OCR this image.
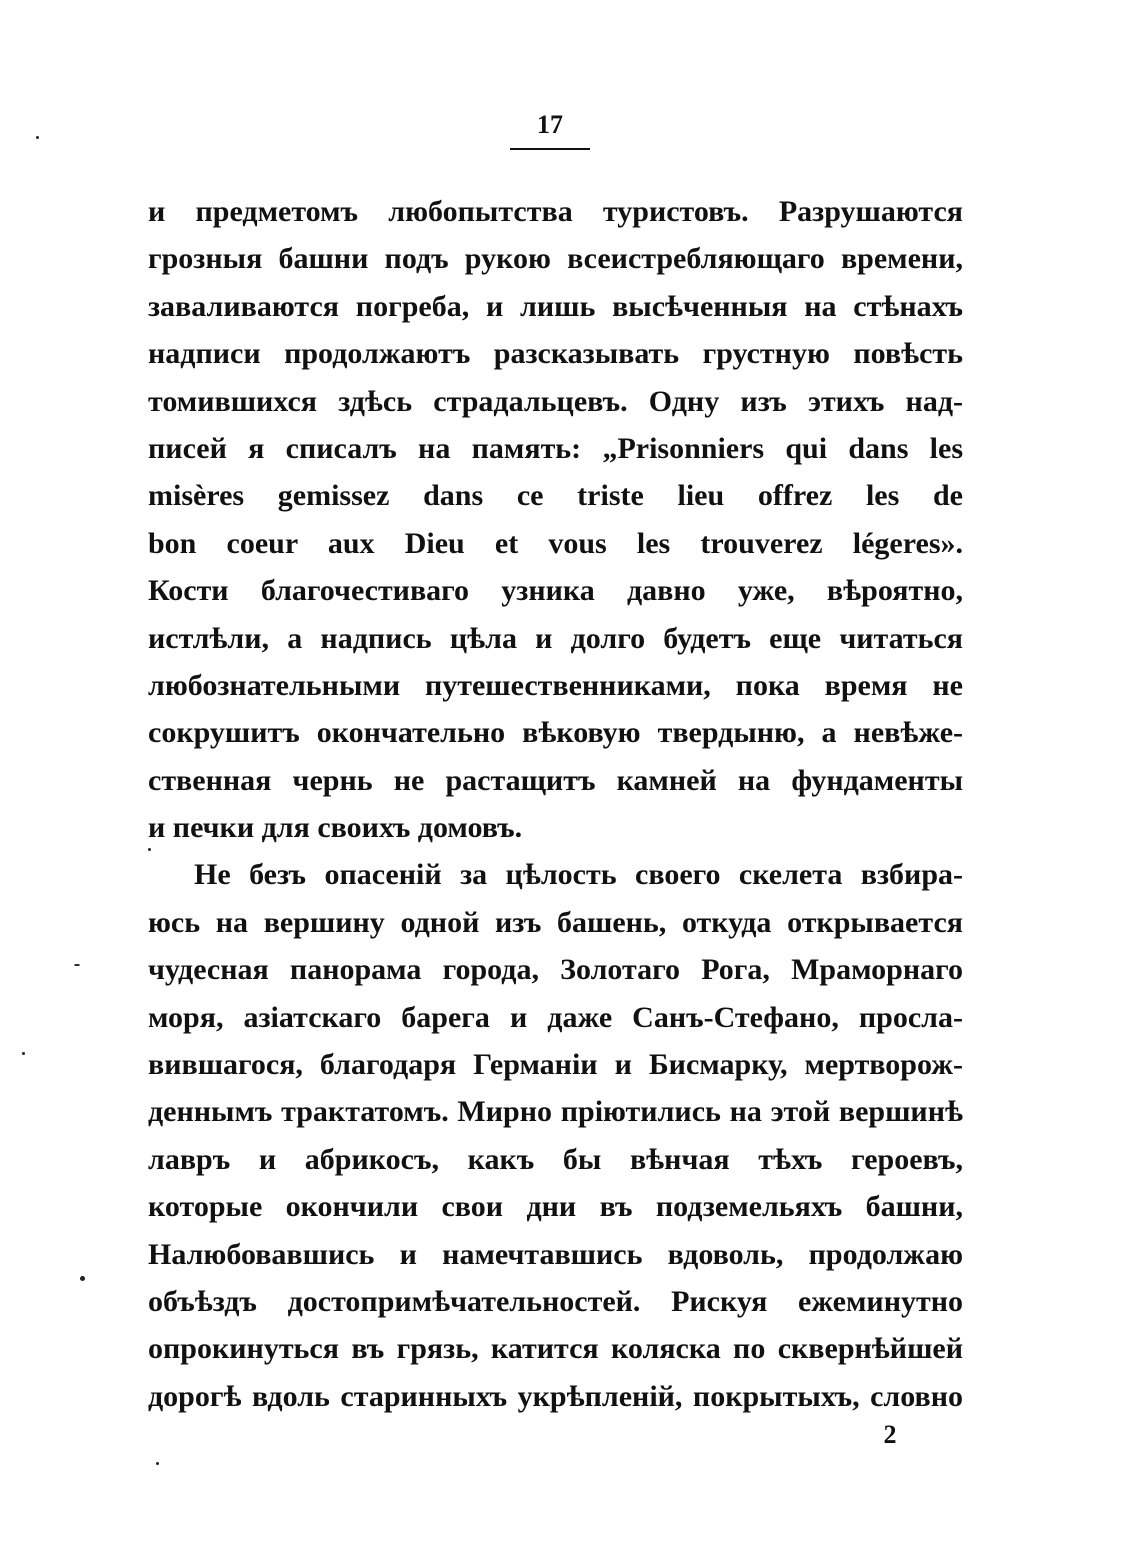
17
и предметомъ любопытства туристовъ. Разрушаются
грозныя башни подъ рукою всеистребляющаго времени,
заваливаются погреба, и лишь высѣченныя на стѣнахъ
надписи продолжаютъ разсказывать грустную повѣсть
томившихся здѣсь страдальцевъ. Одну изъ этихъ над-
писей я списалъ на память: „Prisonniers qui dans les
misères gemissez dans ce triste lieu offrez les de
bon coeur aux Dieu et vous les trouverez légeres».
Кости благочестиваго узника давно уже, вѣроятно,
истлѣли, а надпись цѣла и долго будетъ еще читаться
любознательными путешественниками, пока время не
сокрушитъ окончательно вѣковую твердыню, а невѣже-
ственная чернь не растащитъ камней на фундаменты
и печки для своихъ домовъ.
Не безъ опасеній за цѣлость своего скелета взбира-
юсь на вершину одной изъ башень, откуда открывается
чудесная панорама города, Золотаго Рога, Мраморнаго
моря, азіатскаго барега и даже Санъ-Стефано, просла-
вившагося, благодаря Германіи и Бисмарку, мертворож-
деннымъ трактатомъ. Мирно пріютились на этой вершинѣ
лавръ и абрикосъ, какъ бы вѣнчая тѣхъ героевъ,
которые окончили свои дни въ подземельяхъ башни,
Налюбовавшись и намечтавшись вдоволь, продолжаю
объѣздъ достопримѣчательностей. Рискуя ежеминутно
опрокинуться въ грязь, катится коляска по сквернѣйшей
дорогѣ вдоль старинныхъ укрѣпленій, покрытыхъ, словно
2
